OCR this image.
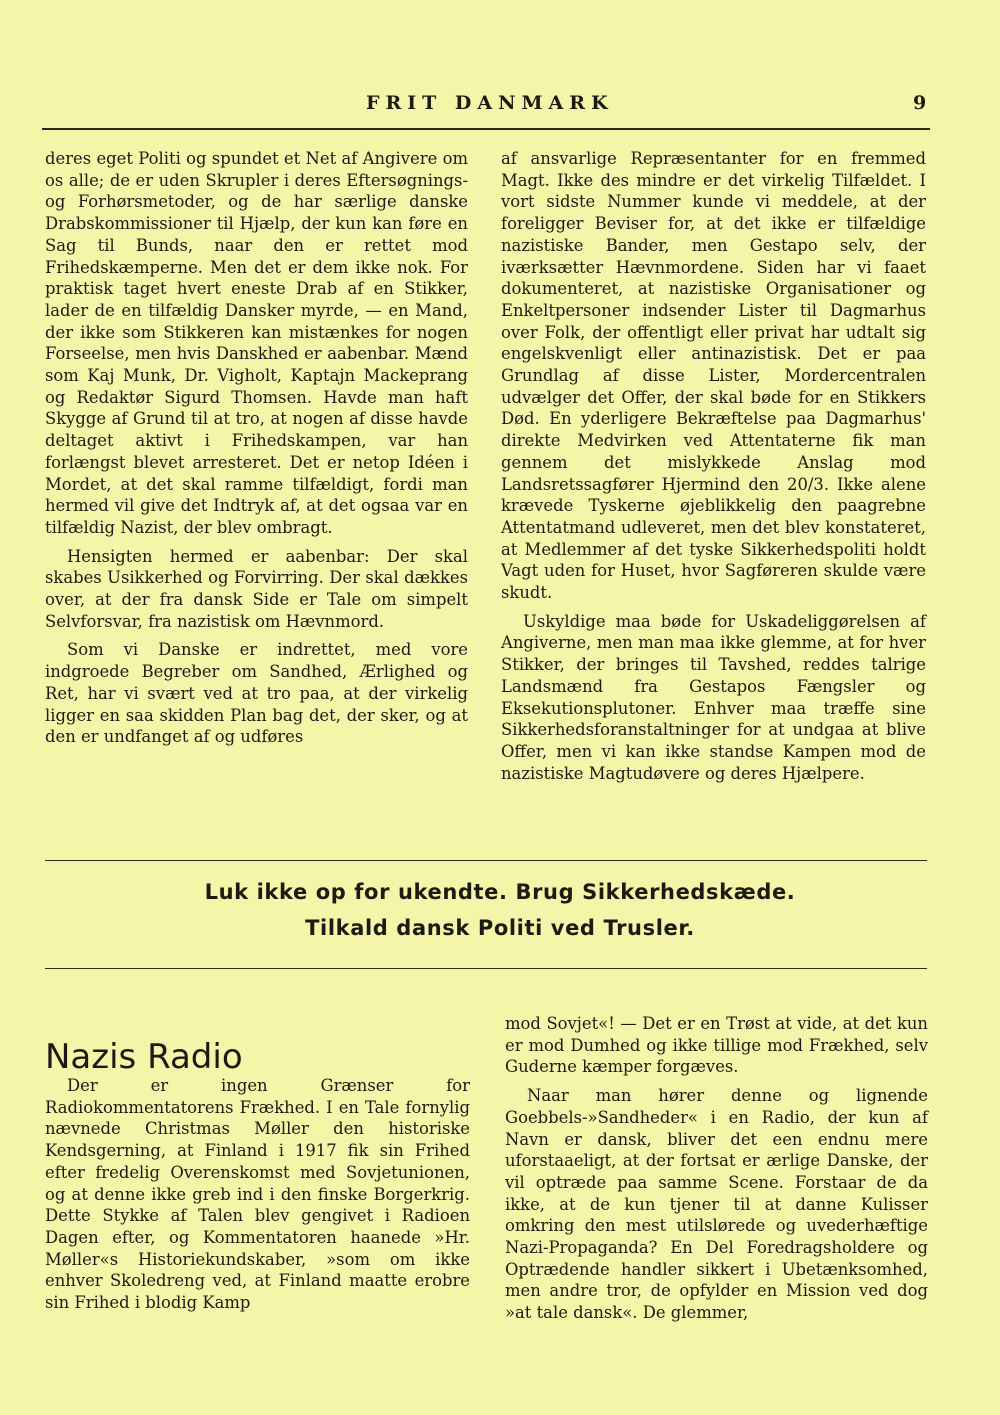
FRIT DANMARK	9

deres eget Politi og spundet et Net af Angivere om os alle; de er uden Skrupler i deres Eftersøgnings- og Forhørsmetoder, og de har særlige danske Drabskommissioner til Hjælp, der kun kan føre en Sag til Bunds, naar den er rettet mod Frihedskæmperne. Men det er dem ikke nok. For praktisk taget hvert eneste Drab af en Stikker, lader de en tilfældig Dansker myrde, — en Mand, der ikke som Stikkeren kan mistænkes for nogen Forseelse, men hvis Danskhed er aabenbar. Mænd som Kaj Munk, Dr. Vigholt, Kaptajn Mackeprang og Redaktør Sigurd Thomsen. Havde man haft Skygge af Grund til at tro, at nogen af disse havde deltaget aktivt i Frihedskampen, var han forlængst blevet arresteret. Det er netop Idéen i Mordet, at det skal ramme tilfældigt, fordi man hermed vil give det Indtryk af, at det ogsaa var en tilfældig Nazist, der blev ombragt.

Hensigten hermed er aabenbar: Der skal skabes Usikkerhed og Forvirring. Der skal dækkes over, at der fra dansk Side er Tale om simpelt Selvforsvar, fra nazistisk om Hævnmord.

Som vi Danske er indrettet, med vore indgroede Begreber om Sandhed, Ærlighed og Ret, har vi svært ved at tro paa, at der virkelig ligger en saa skidden Plan bag det, der sker, og at den er undfanget af og udføres

af ansvarlige Repræsentanter for en fremmed Magt. Ikke des mindre er det virkelig Tilfældet. I vort sidste Nummer kunde vi meddele, at der foreligger Beviser for, at det ikke er tilfældige nazistiske Bander, men Gestapo selv, der iværksætter Hævnmordene. Siden har vi faaet dokumenteret, at nazistiske Organisationer og Enkeltpersoner indsender Lister til Dagmarhus over Folk, der offentligt eller privat har udtalt sig engelskvenligt eller antinazistisk. Det er paa Grundlag af disse Lister, Mordercentralen udvælger det Offer, der skal bøde for en Stikkers Død. En yderligere Bekræftelse paa Dagmarhus' direkte Medvirken ved Attentaterne fik man gennem det mislykkede Anslag mod Landsretssagfører Hjermind den 20/3. Ikke alene krævede Tyskerne øjeblikkelig den paagrebne Attentatmand udleveret, men det blev konstateret, at Medlemmer af det tyske Sikkerhedspoliti holdt Vagt uden for Huset, hvor Sagføreren skulde være skudt.

Uskyldige maa bøde for Uskadeliggørelsen af Angiverne, men man maa ikke glemme, at for hver Stikker, der bringes til Tavshed, reddes talrige Landsmænd fra Gestapos Fængsler og Eksekutionsplutoner. Enhver maa træffe sine Sikkerhedsforanstaltninger for at undgaa at blive Offer, men vi kan ikke standse Kampen mod de nazistiske Magtudøvere og deres Hjælpere.

Luk ikke op for ukendte. Brug Sikkerhedskæde.
Tilkald dansk Politi ved Trusler.
Nazis Radio

Der er ingen Grænser for Radiokommentatorens Frækhed. I en Tale fornylig nævnede Christmas Møller den historiske Kendsgerning, at Finland i 1917 fik sin Frihed efter fredelig Overenskomst med Sovjetunionen, og at denne ikke greb ind i den finske Borgerkrig. Dette Stykke af Talen blev gengivet i Radioen Dagen efter, og Kommentatoren haanede »Hr. Møller«s Historiekundskaber, »som om ikke enhver Skoledreng ved, at Finland maatte erobre sin Frihed i blodig Kamp

mod Sovjet«! — Det er en Trøst at vide, at det kun er mod Dumhed og ikke tillige mod Frækhed, selv Guderne kæmper forgæves.

Naar man hører denne og lignende Goebbels-»Sandheder« i en Radio, der kun af Navn er dansk, bliver det een endnu mere uforstaaeligt, at der fortsat er ærlige Danske, der vil optræde paa samme Scene. Forstaar de da ikke, at de kun tjener til at danne Kulisser omkring den mest utilslørede og uvederhæftige Nazi-Propaganda? En Del Foredragsholdere og Optrædende handler sikkert i Ubetænksomhed, men andre tror, de opfylder en Mission ved dog »at tale dansk«. De glemmer,
